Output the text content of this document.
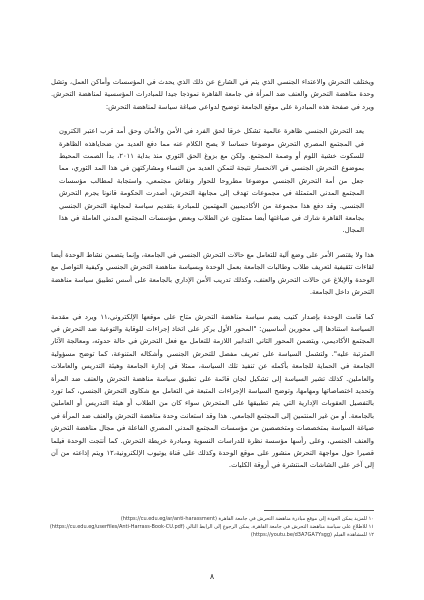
ويختلف التحرش والاعتداء الجنسي الذي يتم في الشارع عن ذلك الذي يحدث في المؤسسات وأماكن العمل، وتشل وحدة مناهضة التحرش والعنف ضد المرأة في جامعة القاهرة نموذجا جيدا للمبادرات المؤسسية لمناهضة التحرش. ويرد في صفحة هذه المبادرة على موقع الجامعة توضيح لدواعي صياغة سياسة لمناهضة التحرش:

يعد التحرش الجنسي ظاهرة عالمية تشكل خرقا لحق الفرد في الأمن والأمان وحق أمد قرب اعتبر الكترون في المجتمع المصري التحرش موضوعا حساسا لا يصح الكلام عنه مما دفع العديد من ضحاياهذه الظاهرة للسكوت خشية اللوم أو وصمة المجتمع. ولكن مع بزوغ الحق الثوري منذ بداية ٢٠١١، بدأ الصمت المحيط بموضوع التحرش الجنسي في الانحسار نتيجة لتمكن العديد من النساء ومشاركتهن في هذا المد الثوري، مما جعل من أمة التحرش الجنسي موضوعا مطروحا للحوار ونقاش مجتمعي، واستجابة لمطالب مؤسسات المجتمع المدني المتمثلة في مجموعات تهدف إلى مجابهة التحرش، أصدرت الحكومة قانونا يجرم التحرش الجنسي. وقد دفع هذا مجموعة من الأكاديميين المهتمين للمبادرة بتقديم سياسة لمجابهة التحرش الجنسي بجامعة القاهرة شارك في صياغتها أيضا ممثلون عن الطلاب وبعض مؤسسات المجتمع المدني العاملة في هذا المجال.

هذا ولا يقتصر الأمر على وضع آلية للتعامل مع حالات التحرش الجنسي في الجامعة، وإنما يتضمن نشاط الوحدة أيضا لقاءات تثقيفية لتعريف طلاب وطالبات الجامعة بعمل الوحدة وبسياسة مناهضة التحرش الجنسي وكيفية التواصل مع الوحدة والإبلاغ عن حالات التحرش والعنف، وكذلك تدريب الأمن الإداري بالجامعة على أسس تطبيق سياسة مناهضة التحرش داخل الجامعة.

كما قامت الوحدة بإصدار كتيب يضم سياسة مناهضة التحرش متاح على موقعها الإلكتروني،١١ ويرد في مقدمة السياسة استنادها إلى محورين أساسيين: "المحور الأول يركز على اتخاذ إجراءات للوقاية والتوعية ضد التحرش في المجتمع الأكاديمي، ويتضمن المحور الثاني التدابير اللازمة للتعامل مع فعل التحرش في حالة حدوثه، ومعالجة الآثار المترتبة عليه". ولتشمل السياسة على تعريف مفصل للتحرش الجنسي وأشكاله المتنوعة، كما توضح مسؤولية الجامعة في الحماية للجامعة بأكمله عن تنفيذ تلك السياسة، ممثلا في إدارة الجامعة وهيئة التدريس والعاملات والعاملين. كذلك تشير السياسة إلى تشكيل لجان قائمة على تطبيق سياسة مناهضة التحرش والعنف ضد المرأة وتحديد اختصاصاتها ومهامها، وتوضح السياسة الإجراءات المتبعة في التعامل مع شكاوى التحرش الجنسي، كما تورد بالتفصيل العقوبات الإدارية التي يتم تطبيقها على المتحرش سواء كان من الطلاب أو هيئة التدريس أو العاملين بالجامعة. أو من غير المنتمين إلى المجتمع الجامعي. هذا وقد استعانت وحدة مناهضة التحرش والعنف ضد المرأة في صياغة السياسة بمتخصصات ومتخصصين من مؤسسات المجتمع المدني المصري الفاعلة في مجال مناهضة التحرش والعنف الجنسي، وعلى رأسها مؤسسة نظرة للدراسات النسوية ومبادرة خريطة التحرش. كما أنتجت الوحدة فيلما قصيرا حول مواجهة التحرش منشور على موقع الوحدة وكذلك على قناة يوتيوب الإلكترونية،١٢ ويتم إذاعته من آن إلى آخر على الشاشات المنتشرة في أروقة الكليات.

١٠ للمزيد يمكن العودة إلى موقع مبادرة مناهضة التحرش في جامعة القاهرة (https://cu.edu.eg/ar/anti-harassment)

١١ للاطلاع على سياسة مناهضة التحرش في جامعة القاهرة، يمكن الرجوع إلى الرابط التالي (https://cu.edu.eg/userfiles/Anti-Harrass-Book-CU.pdf)

١٢ للمشاهدة الفيلم (https://youtu.be/d3A7GA7Ysgg)

٨
